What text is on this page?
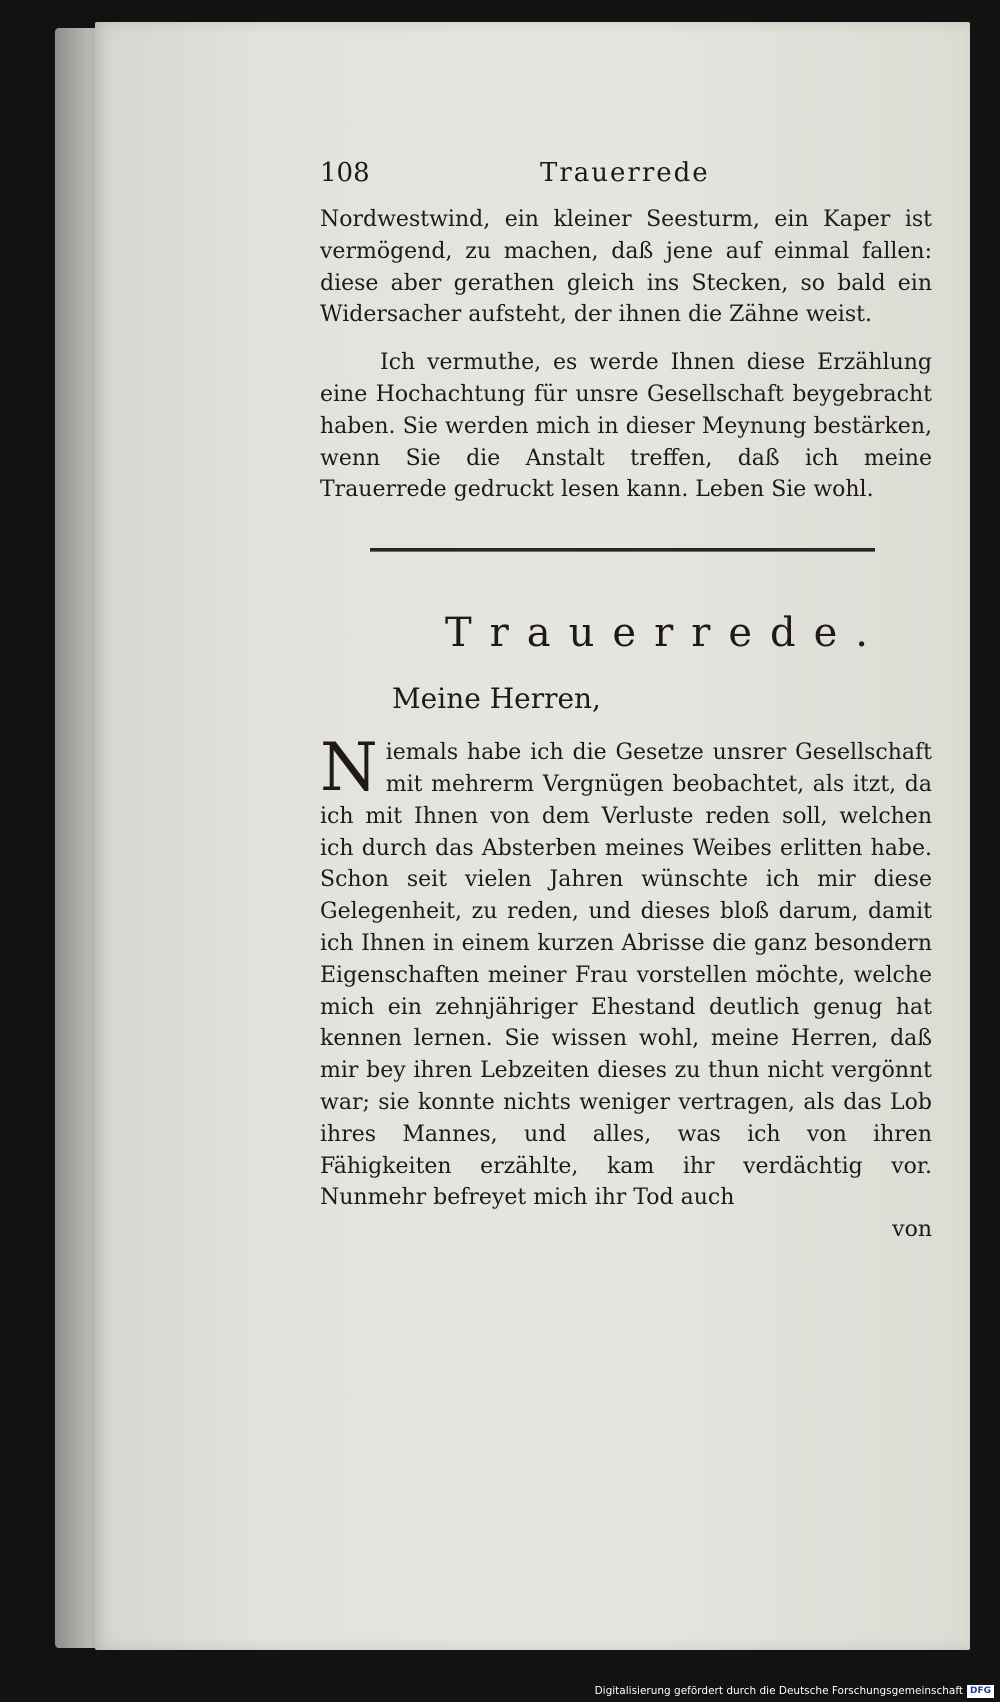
108	Trauerrede

Nordwestwind, ein kleiner Seesturm, ein Kaper ist vermögend, zu machen, daß jene auf einmal fallen: diese aber gerathen gleich ins Stecken, so bald ein Widersacher aufsteht, der ihnen die Zähne weist.

Ich vermuthe, es werde Ihnen diese Erzählung eine Hochachtung für unsre Gesellschaft beygebracht haben. Sie werden mich in dieser Meynung bestärken, wenn Sie die Anstalt treffen, daß ich meine Trauerrede gedruckt lesen kann. Leben Sie wohl.

Trauerrede.
Meine Herren,

Niemals habe ich die Gesetze unsrer Gesellschaft mit mehrerm Vergnügen beobachtet, als itzt, da ich mit Ihnen von dem Verluste reden soll, welchen ich durch das Absterben meines Weibes erlitten habe. Schon seit vielen Jahren wünschte ich mir diese Gelegenheit, zu reden, und dieses bloß darum, damit ich Ihnen in einem kurzen Abrisse die ganz besondern Eigenschaften meiner Frau vorstellen möchte, welche mich ein zehnjähriger Ehestand deutlich genug hat kennen lernen. Sie wissen wohl, meine Herren, daß mir bey ihren Lebzeiten dieses zu thun nicht vergönnt war; sie konnte nichts weniger vertragen, als das Lob ihres Mannes, und alles, was ich von ihren Fähigkeiten erzählte, kam ihr verdächtig vor. Nunmehr befreyet mich ihr Tod auch

von

Digitalisierung gefördert durch die Deutsche Forschungsgemeinschaft DFG
